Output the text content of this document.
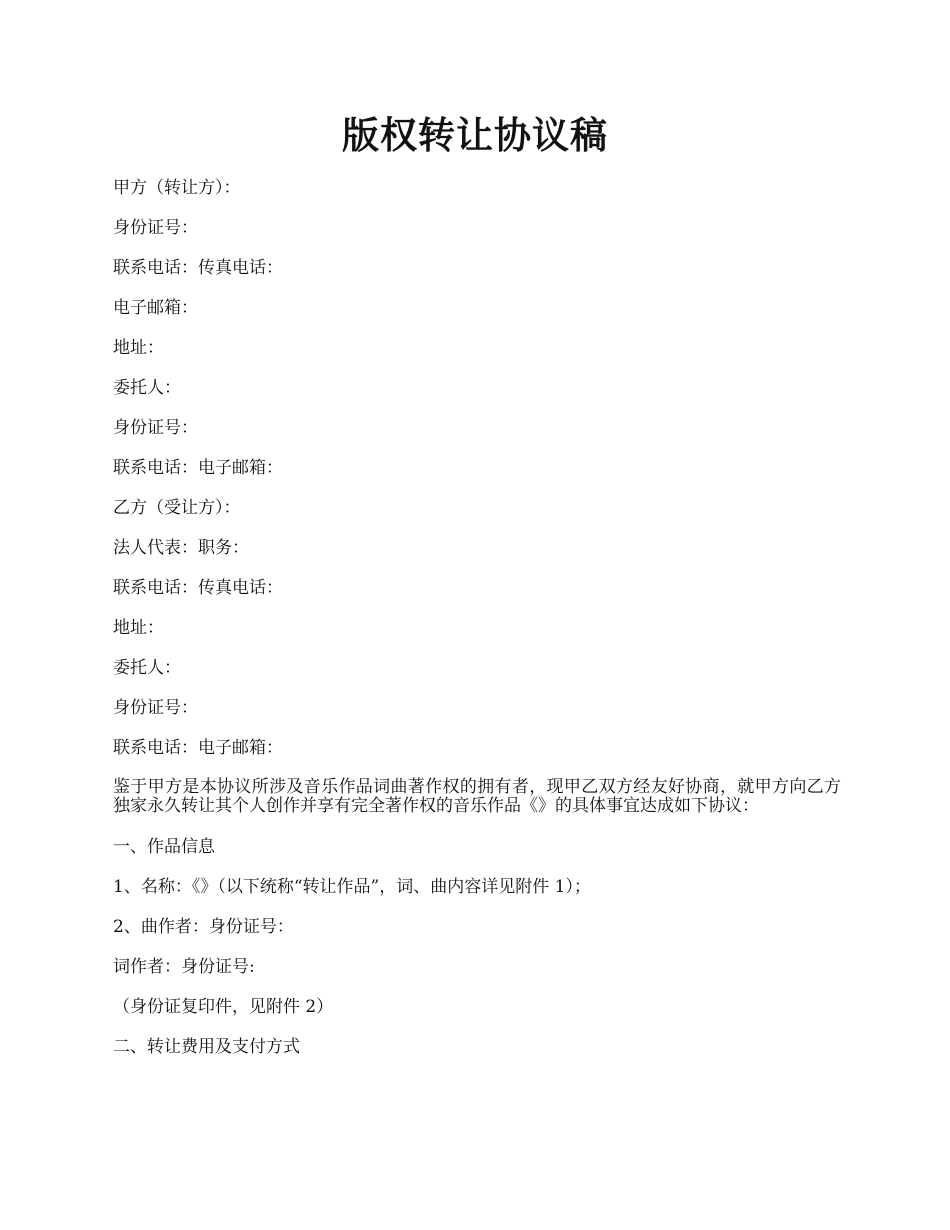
版权转让协议稿

甲方（转让方）：

身份证号：

联系电话：传真电话：

电子邮箱：

地址：

委托人：

身份证号：

联系电话：电子邮箱：

乙方（受让方）：

法人代表：职务：

联系电话：传真电话：

地址：

委托人：

身份证号：

联系电话：电子邮箱：

鉴于甲方是本协议所涉及音乐作品词曲著作权的拥有者，现甲乙双方经友好协商，就甲方向乙方独家永久转让其个人创作并享有完全著作权的音乐作品《》的具体事宜达成如下协议：

一、作品信息

1、名称：《》（以下统称“转让作品”，词、曲内容详见附件 1）；

2、曲作者：身份证号：

词作者：身份证号:

（身份证复印件，见附件 2）

二、转让费用及支付方式
